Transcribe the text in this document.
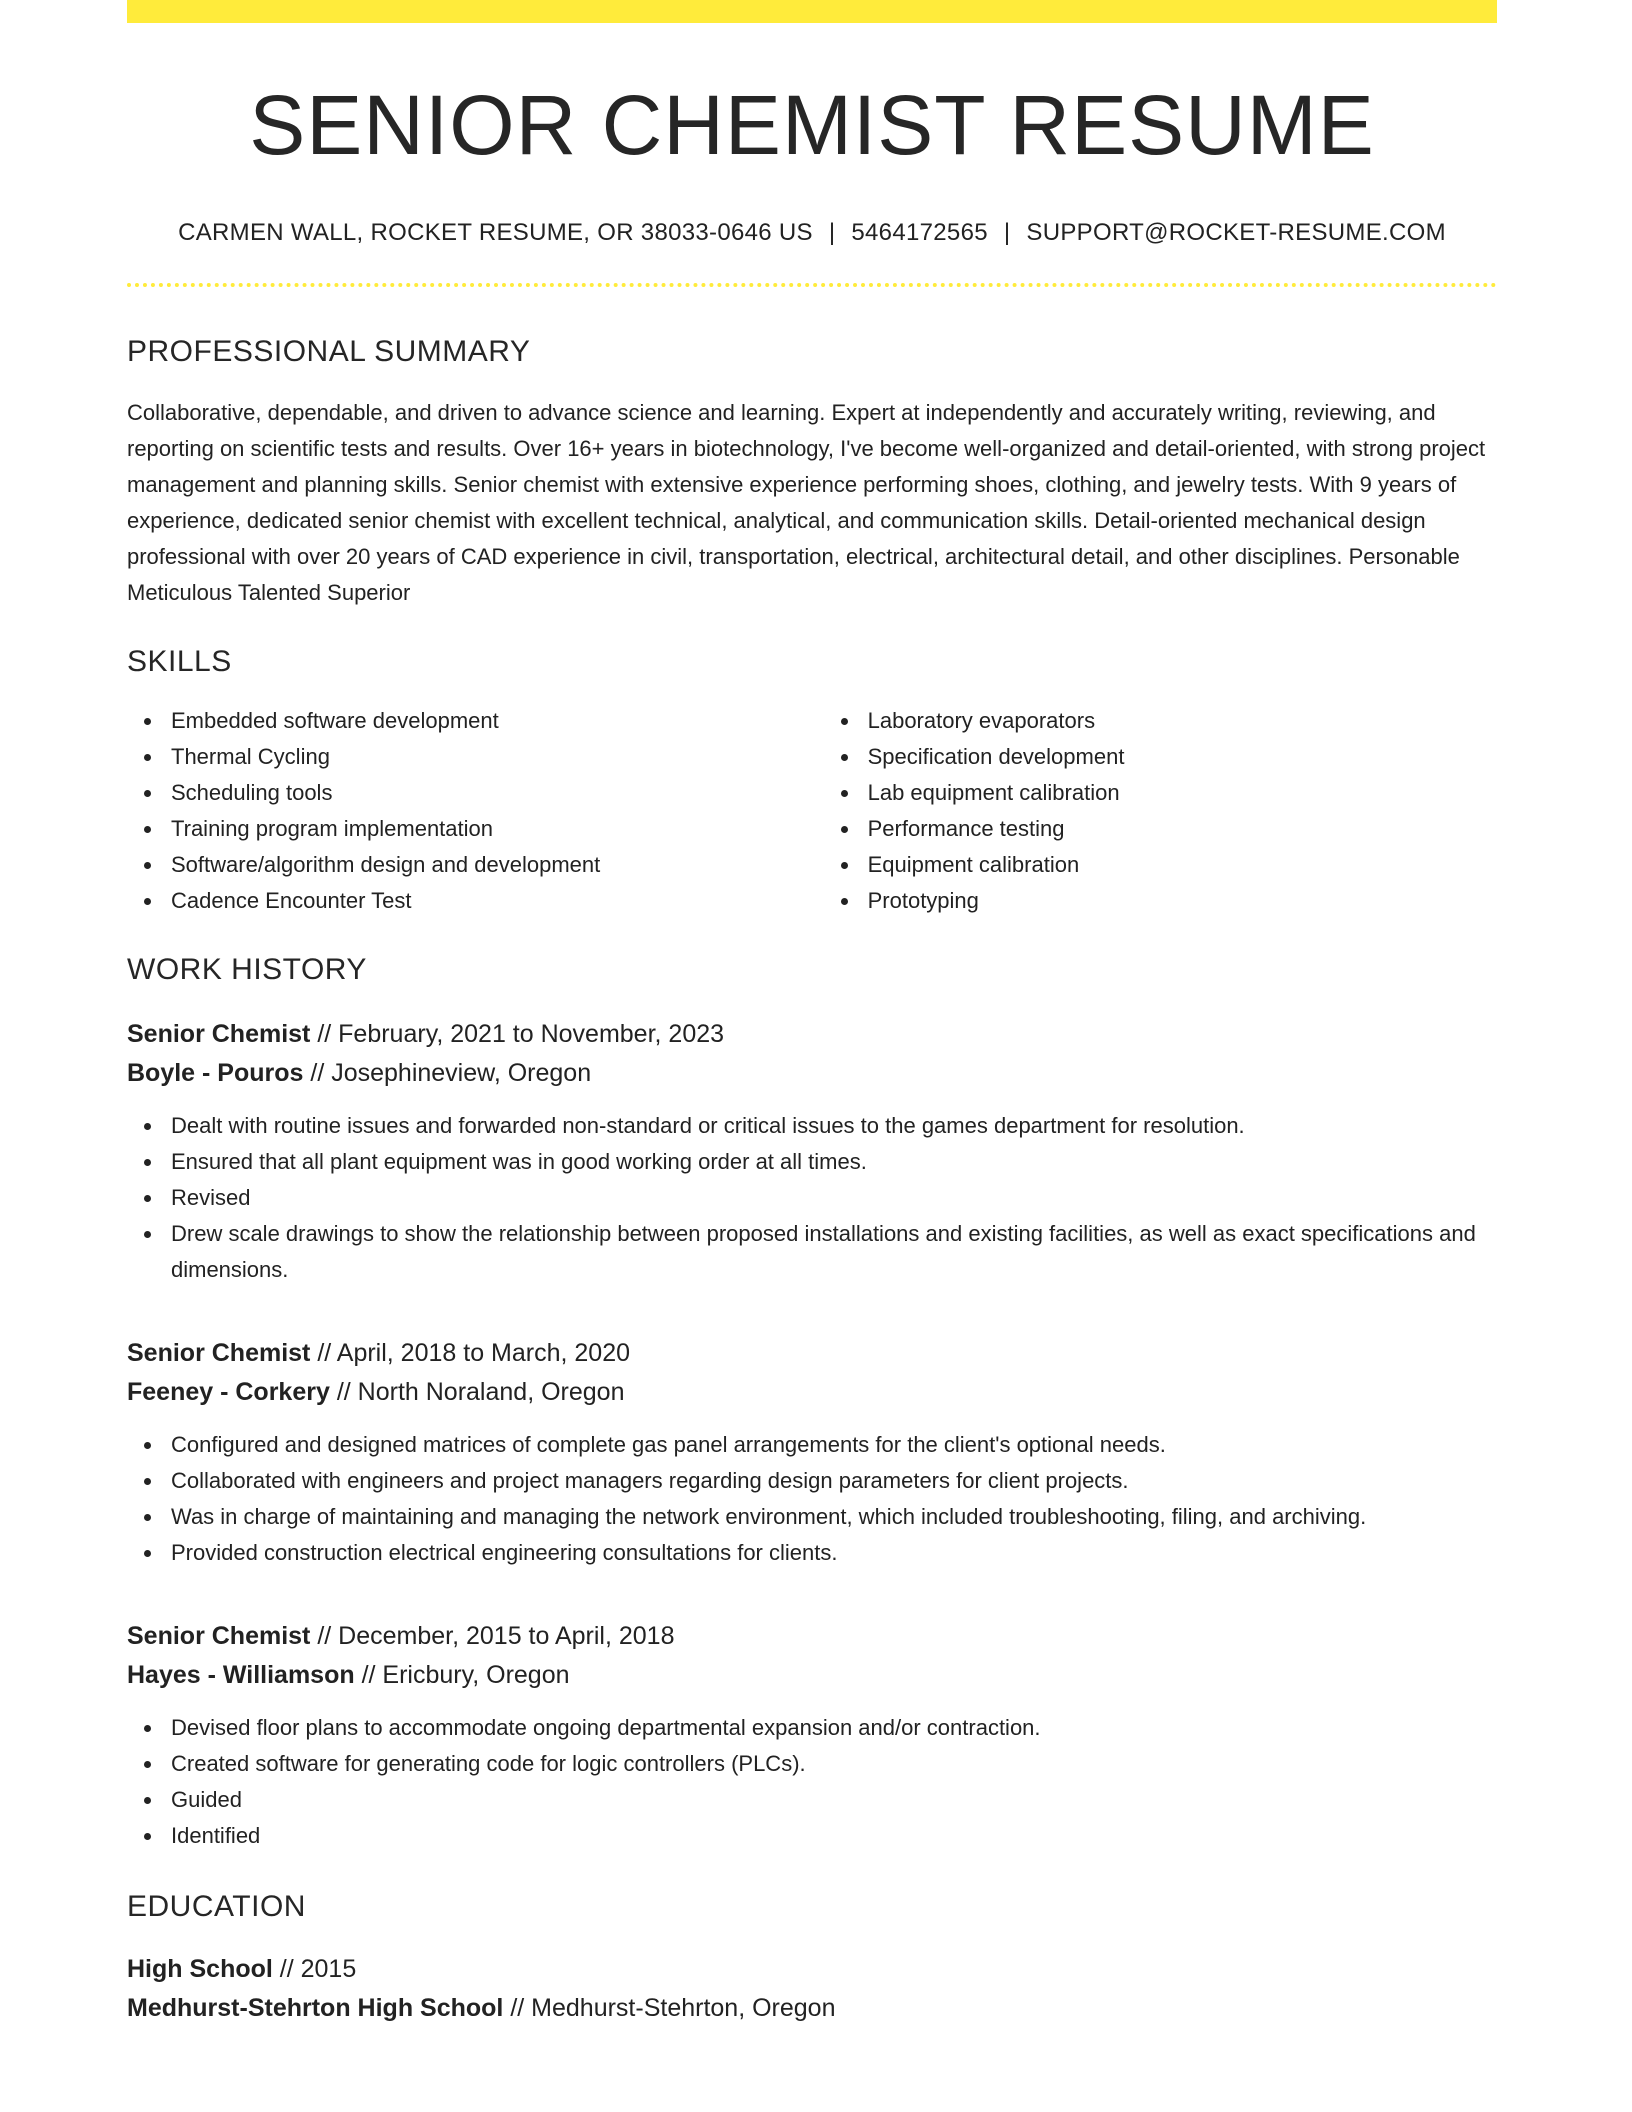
SENIOR CHEMIST RESUME
CARMEN WALL, ROCKET RESUME, OR 38033-0646 US | 5464172565 | SUPPORT@ROCKET-RESUME.COM
PROFESSIONAL SUMMARY

Collaborative, dependable, and driven to advance science and learning. Expert at independently and accurately writing, reviewing, and reporting on scientific tests and results. Over 16+ years in biotechnology, I've become well-organized and detail-oriented, with strong project management and planning skills. Senior chemist with extensive experience performing shoes, clothing, and jewelry tests. With 9 years of experience, dedicated senior chemist with excellent technical, analytical, and communication skills. Detail-oriented mechanical design professional with over 20 years of CAD experience in civil, transportation, electrical, architectural detail, and other disciplines. Personable Meticulous Talented Superior

SKILLS
Embedded software development
Thermal Cycling
Scheduling tools
Training program implementation
Software/algorithm design and development
Cadence Encounter Test
Laboratory evaporators
Specification development
Lab equipment calibration
Performance testing
Equipment calibration
Prototyping
WORK HISTORY
Senior Chemist // February, 2021 to November, 2023
Boyle - Pouros // Josephineview, Oregon
Dealt with routine issues and forwarded non-standard or critical issues to the games department for resolution.
Ensured that all plant equipment was in good working order at all times.
Revised
Drew scale drawings to show the relationship between proposed installations and existing facilities, as well as exact specifications and dimensions.
Senior Chemist // April, 2018 to March, 2020
Feeney - Corkery // North Noraland, Oregon
Configured and designed matrices of complete gas panel arrangements for the client's optional needs.
Collaborated with engineers and project managers regarding design parameters for client projects.
Was in charge of maintaining and managing the network environment, which included troubleshooting, filing, and archiving.
Provided construction electrical engineering consultations for clients.
Senior Chemist // December, 2015 to April, 2018
Hayes - Williamson // Ericbury, Oregon
Devised floor plans to accommodate ongoing departmental expansion and/or contraction.
Created software for generating code for logic controllers (PLCs).
Guided
Identified
EDUCATION
High School // 2015
Medhurst-Stehrton High School // Medhurst-Stehrton, Oregon
